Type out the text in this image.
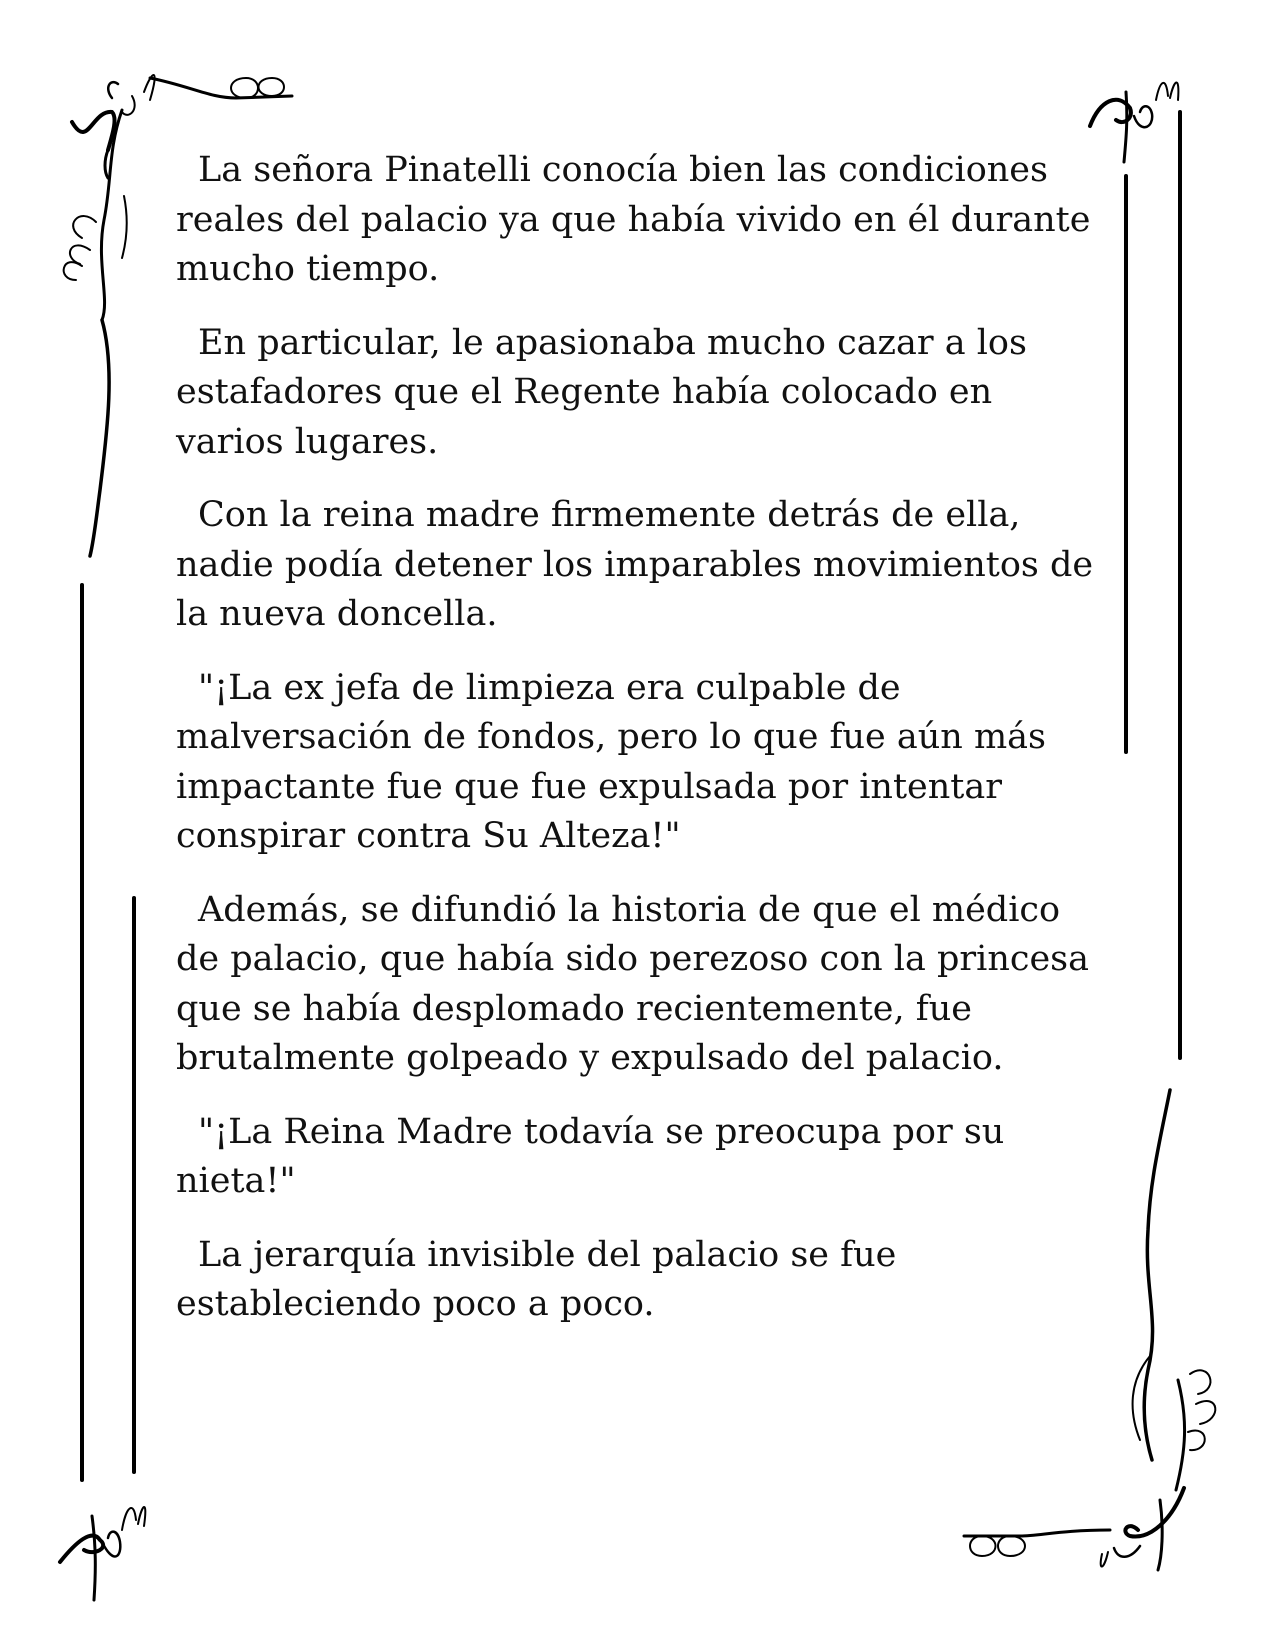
La señora Pinatelli conocía bien las condiciones reales del palacio ya que había vivido en él durante mucho tiempo.

En particular, le apasionaba mucho cazar a los estafadores que el Regente había colocado en varios lugares.

Con la reina madre firmemente detrás de ella, nadie podía detener los imparables movimientos de la nueva doncella.

"¡La ex jefa de limpieza era culpable de malversación de fondos, pero lo que fue aún más impactante fue que fue expulsada por intentar conspirar contra Su Alteza!"

Además, se difundió la historia de que el médico de palacio, que había sido perezoso con la princesa que se había desplomado recientemente, fue brutalmente golpeado y expulsado del palacio.

"¡La Reina Madre todavía se preocupa por su nieta!"

La jerarquía invisible del palacio se fue estableciendo poco a poco.
